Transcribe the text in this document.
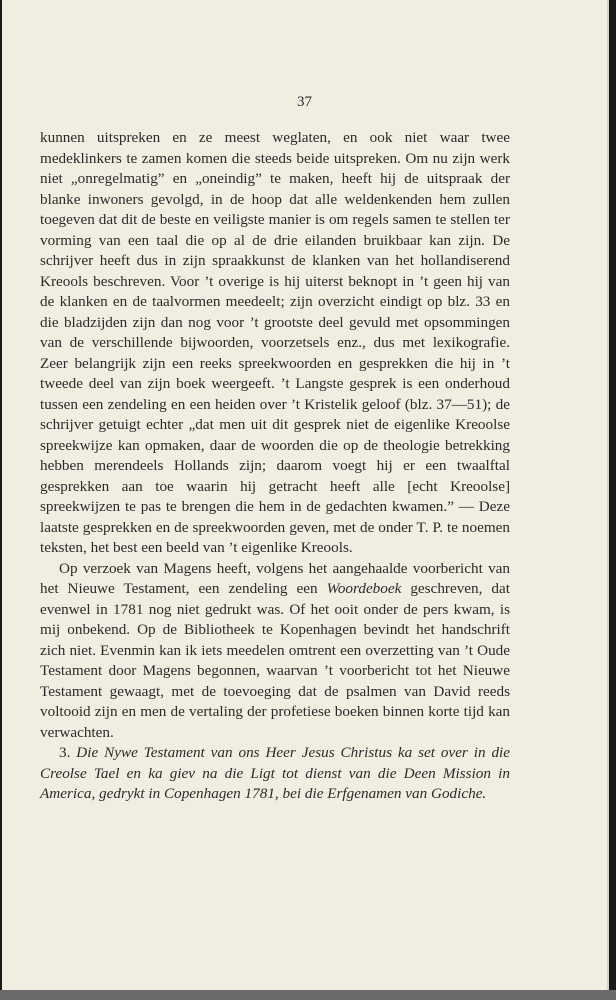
37

kunnen uitspreken en ze meest weglaten, en ook niet waar twee medeklinkers te zamen komen die steeds beide uitspreken. Om nu zijn werk niet „onregelmatig” en „oneindig” te maken, heeft hij de uitspraak der blanke inwoners gevolgd, in de hoop dat alle weldenkenden hem zullen toegeven dat dit de beste en veiligste manier is om regels samen te stellen ter vorming van een taal die op al de drie eilanden bruikbaar kan zijn. De schrijver heeft dus in zijn spraakkunst de klanken van het hollandiserend Kreools beschreven. Voor ’t overige is hij uiterst beknopt in ’t geen hij van de klanken en de taalvormen meedeelt; zijn overzicht eindigt op blz. 33 en die bladzijden zijn dan nog voor ’t grootste deel gevuld met opsommingen van de verschillende bijwoorden, voorzetsels enz., dus met lexikografie. Zeer belangrijk zijn een reeks spreekwoorden en gesprekken die hij in ’t tweede deel van zijn boek weergeeft. ’t Langste gesprek is een onderhoud tussen een zendeling en een heiden over ’t Kristelik geloof (blz. 37—51); de schrijver getuigt echter „dat men uit dit gesprek niet de eigenlike Kreoolse spreekwijze kan opmaken, daar de woorden die op de theologie betrekking hebben merendeels Hollands zijn; daarom voegt hij er een twaalftal gesprekken aan toe waarin hij getracht heeft alle [echt Kreoolse] spreekwijzen te pas te brengen die hem in de gedachten kwamen.” — Deze laatste gesprekken en de spreekwoorden geven, met de onder T. P. te noemen teksten, het best een beeld van ’t eigenlike Kreools.

Op verzoek van Magens heeft, volgens het aangehaalde voorbericht van het Nieuwe Testament, een zendeling een Woordeboek geschreven, dat evenwel in 1781 nog niet gedrukt was. Of het ooit onder de pers kwam, is mij onbekend. Op de Bibliotheek te Kopenhagen bevindt het handschrift zich niet. Evenmin kan ik iets meedelen omtrent een overzetting van ’t Oude Testament door Magens begonnen, waarvan ’t voorbericht tot het Nieuwe Testament gewaagt, met de toevoeging dat de psalmen van David reeds voltooid zijn en men de vertaling der profetiese boeken binnen korte tijd kan verwachten.

3. Die Nywe Testament van ons Heer Jesus Christus ka set over in die Creolse Tael en ka giev na die Ligt tot dienst van die Deen Mission in America, gedrykt in Copenhagen 1781, bei die Erfgenamen van Godiche.
